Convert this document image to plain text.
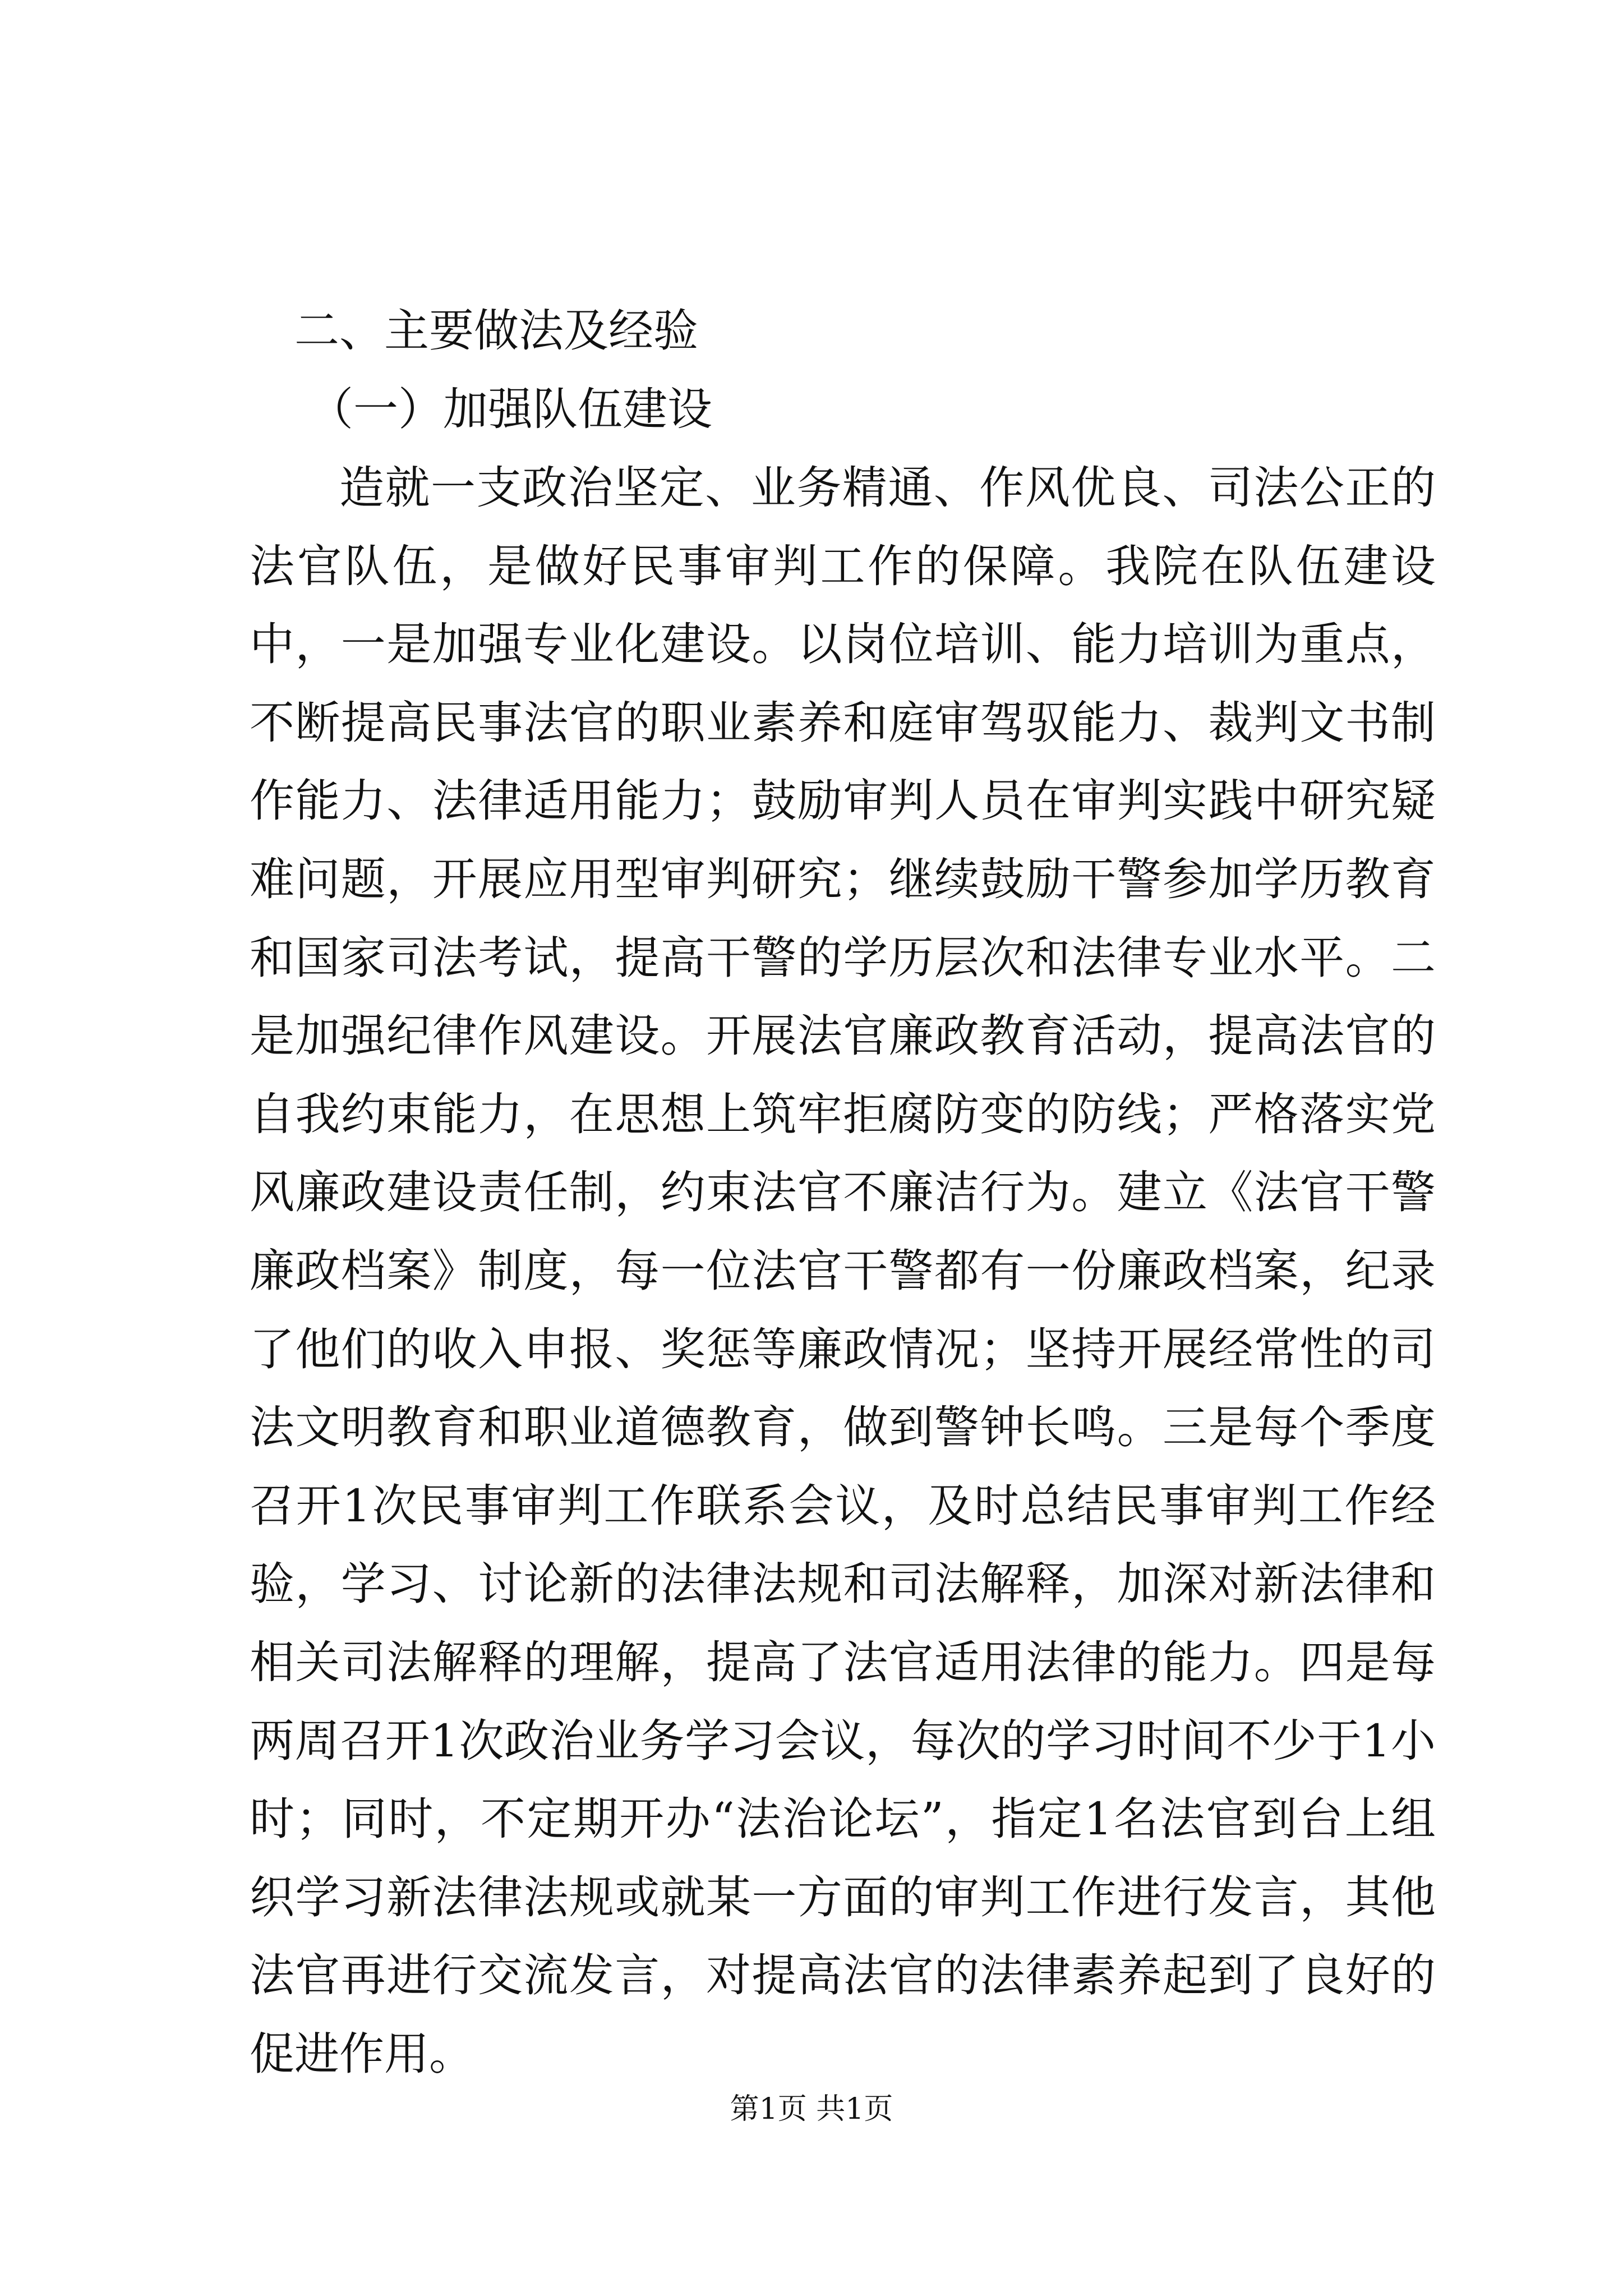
二、主要做法及经验
（一）加强队伍建设

造就一支政治坚定、业务精通、作风优良、司法公正的法官队伍，是做好民事审判工作的保障。我院在队伍建设中，一是加强专业化建设。以岗位培训、能力培训为重点，不断提高民事法官的职业素养和庭审驾驭能力、裁判文书制作能力、法律适用能力；鼓励审判人员在审判实践中研究疑难问题，开展应用型审判研究；继续鼓励干警参加学历教育和国家司法考试，提高干警的学历层次和法律专业水平。二是加强纪律作风建设。开展法官廉政教育活动，提高法官的自我约束能力，在思想上筑牢拒腐防变的防线；严格落实党风廉政建设责任制，约束法官不廉洁行为。建立《法官干警廉政档案》制度，每一位法官干警都有一份廉政档案，纪录了他们的收入申报、奖惩等廉政情况；坚持开展经常性的司法文明教育和职业道德教育，做到警钟长鸣。三是每个季度召开1次民事审判工作联系会议，及时总结民事审判工作经验，学习、讨论新的法律法规和司法解释，加深对新法律和相关司法解释的理解，提高了法官适用法律的能力。四是每两周召开1次政治业务学习会议，每次的学习时间不少于1小时；同时，不定期开办“法治论坛”，指定1名法官到台上组织学习新法律法规或就某一方面的审判工作进行发言，其他法官再进行交流发言，对提高法官的法律素养起到了良好的促进作用。

第1页 共1页
